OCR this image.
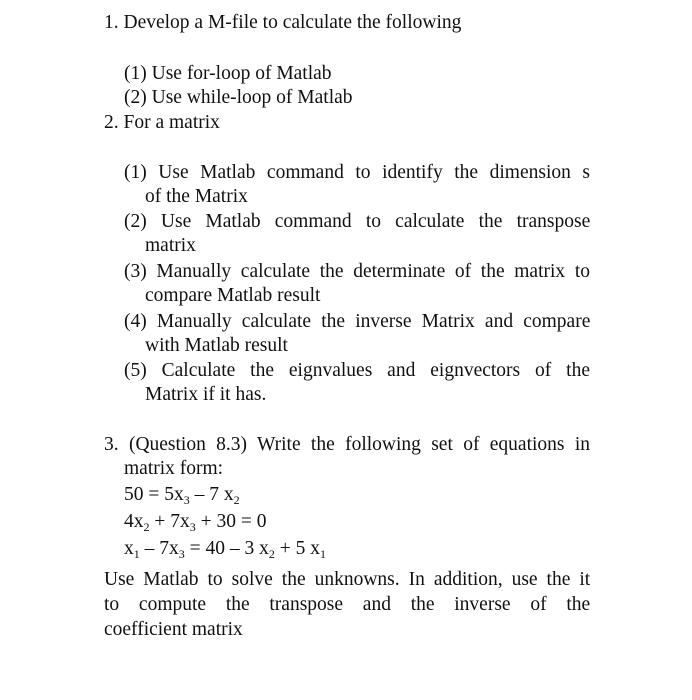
1. Develop a M-file to calculate the following
(1) Use for-loop of Matlab
(2) Use while-loop of Matlab
2. For a matrix
(1) Use Matlab command to identify the dimension s
of the Matrix
(2) Use Matlab command to calculate the transpose
matrix
(3) Manually calculate the determinate of the matrix to
compare Matlab result
(4) Manually calculate the inverse Matrix and compare
with Matlab result
(5) Calculate the eignvalues and eignvectors of the
Matrix if it has.
3. (Question 8.3) Write the following set of equations in
matrix form:
$50 = 5x_3 - 7$ $x_2$
$4x_2 + 7x_3 + 30 = 0$
$x_1 - 7x_3 = 40 - 3$ $x_2 + 5$ $x_1$
Use Matlab to solve the unknowns. In addition, use the it
to compute the transpose and the inverse of the
coefficient matrix
